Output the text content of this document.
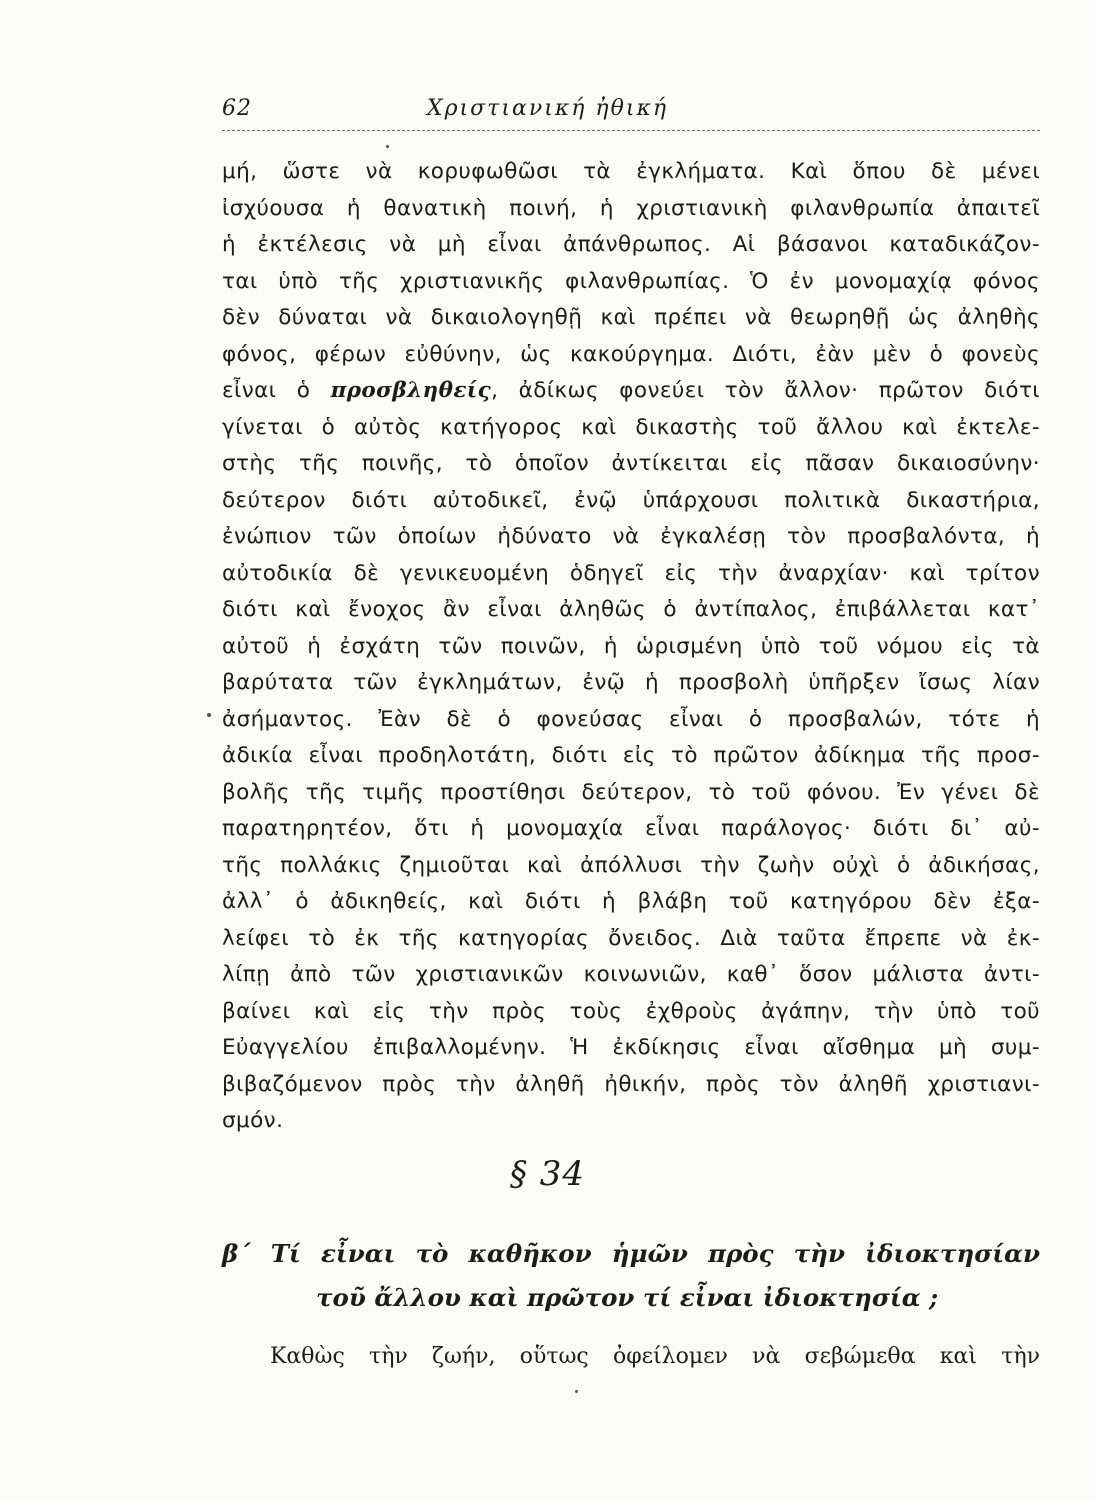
62	Χριστιανική ἠθική
μή, ὥστε νὰ κορυφωθῶσι τὰ ἐγκλήματα. Καὶ ὅπου δὲ μένει
ἰσχύουσα ἡ θανατικὴ ποινή, ἡ χριστιανικὴ φιλανθρωπία ἀπαιτεῖ
ἡ ἐκτέλεσις νὰ μὴ εἶναι ἀπάνθρωπος. Αἱ βάσανοι καταδικάζον-
ται ὑπὸ τῆς χριστιανικῆς φιλανθρωπίας. Ὁ ἐν μονομαχίᾳ φόνος
δὲν δύναται νὰ δικαιολογηθῇ καὶ πρέπει νὰ θεωρηθῇ ὡς ἀληθὴς
φόνος, φέρων εὐθύνην, ὡς κακούργημα. Διότι, ἐὰν μὲν ὁ φονεὺς
εἶναι ὁ προσβληθείς, ἀδίκως φονεύει τὸν ἄλλον· πρῶτον διότι
γίνεται ὁ αὐτὸς κατήγορος καὶ δικαστὴς τοῦ ἄλλου καὶ ἐκτελε-
στὴς τῆς ποινῆς, τὸ ὁποῖον ἀντίκειται εἰς πᾶσαν δικαιοσύνην·
δεύτερον διότι αὐτοδικεῖ, ἐνῷ ὑπάρχουσι πολιτικὰ δικαστήρια,
ἐνώπιον τῶν ὁποίων ἠδύνατο νὰ ἐγκαλέσῃ τὸν προσβαλόντα, ἡ
αὐτοδικία δὲ γενικευομένη ὁδηγεῖ εἰς τὴν ἀναρχίαν· καὶ τρίτον
διότι καὶ ἔνοχος ἂν εἶναι ἀληθῶς ὁ ἀντίπαλος, ἐπιβάλλεται κατ᾿
αὐτοῦ ἡ ἐσχάτη τῶν ποινῶν, ἡ ὡρισμένη ὑπὸ τοῦ νόμου εἰς τὰ
βαρύτατα τῶν ἐγκλημάτων, ἐνῷ ἡ προσβολὴ ὑπῆρξεν ἴσως λίαν
ἀσήμαντος. Ἐὰν δὲ ὁ φονεύσας εἶναι ὁ προσβαλών, τότε ἡ
ἀδικία εἶναι προδηλοτάτη, διότι εἰς τὸ πρῶτον ἀδίκημα τῆς προσ-
βολῆς τῆς τιμῆς προστίθησι δεύτερον, τὸ τοῦ φόνου. Ἐν γένει δὲ
παρατηρητέον, ὅτι ἡ μονομαχία εἶναι παράλογος· διότι δι᾿ αὐ-
τῆς πολλάκις ζημιοῦται καὶ ἀπόλλυσι τὴν ζωὴν οὐχὶ ὁ ἀδικήσας,
ἀλλ᾿ ὁ ἀδικηθείς, καὶ διότι ἡ βλάβη τοῦ κατηγόρου δὲν ἐξα-
λείφει τὸ ἐκ τῆς κατηγορίας ὄνειδος. Διὰ ταῦτα ἔπρεπε νὰ ἐκ-
λίπῃ ἀπὸ τῶν χριστιανικῶν κοινωνιῶν, καθ᾿ ὅσον μάλιστα ἀντι-
βαίνει καὶ εἰς τὴν πρὸς τοὺς ἐχθροὺς ἀγάπην, τὴν ὑπὸ τοῦ
Εὐαγγελίου ἐπιβαλλομένην. Ἡ ἐκδίκησις εἶναι αἴσθημα μὴ συμ-
βιβαζόμενον πρὸς τὴν ἀληθῆ ἠθικήν, πρὸς τὸν ἀληθῆ χριστιανι-
σμόν.
§ 34
β΄ Τί εἶναι τὸ καθῆκον ἡμῶν πρὸς τὴν ἰδιοκτησίαν
τοῦ ἄλλου καὶ πρῶτον τί εἶναι ἰδιοκτησία ;
Καθὼς τὴν ζωήν, οὕτως ὀφείλομεν νὰ σεβώμεθα καὶ τὴν
